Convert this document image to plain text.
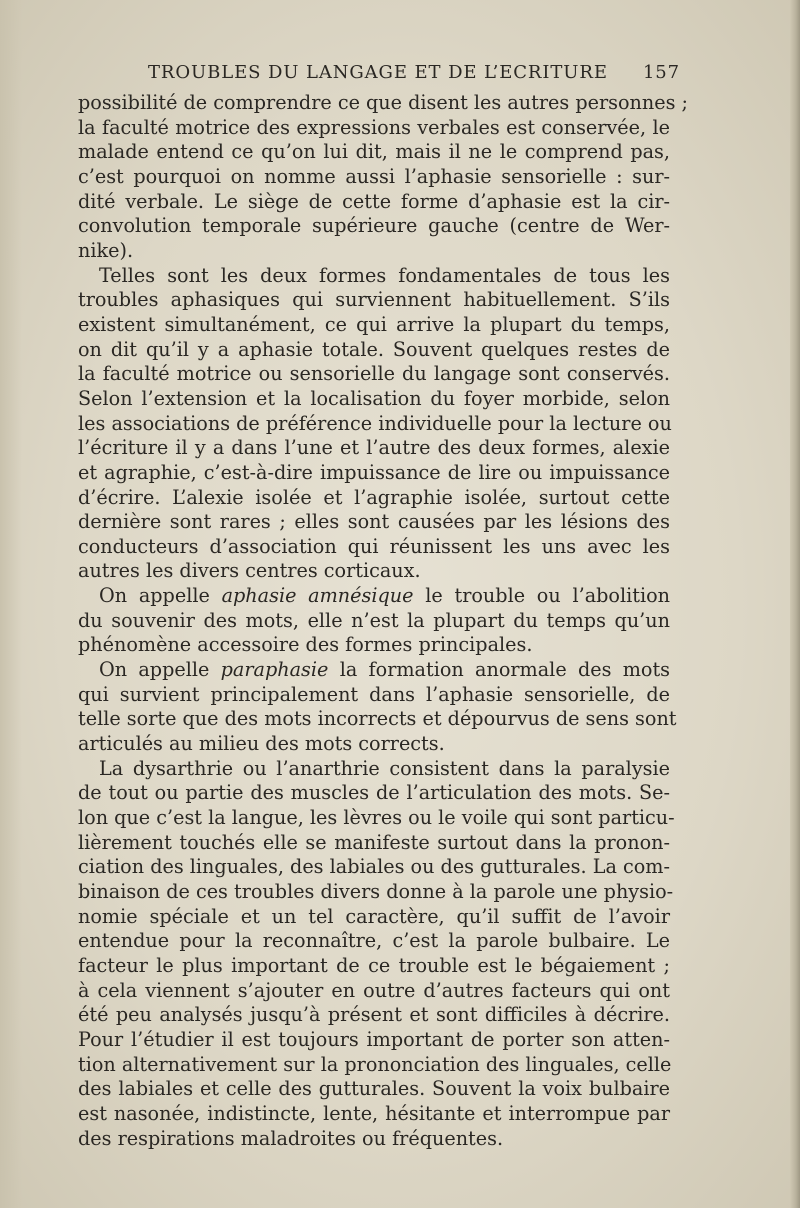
TROUBLES DU LANGAGE ET DE L’ECRITURE 157
possibilité de comprendre ce que disent les autres personnes ;
la faculté motrice des expressions verbales est conservée, le
malade entend ce qu’on lui dit, mais il ne le comprend pas,
c’est pourquoi on nomme aussi l’aphasie sensorielle : sur-
dité verbale. Le siège de cette forme d’aphasie est la cir-
convolution temporale supérieure gauche (centre de Wer-
nike).
Telles sont les deux formes fondamentales de tous les
troubles aphasiques qui surviennent habituellement. S’ils
existent simultanément, ce qui arrive la plupart du temps,
on dit qu’il y a aphasie totale. Souvent quelques restes de
la faculté motrice ou sensorielle du langage sont conservés.
Selon l’extension et la localisation du foyer morbide, selon
les associations de préférence individuelle pour la lecture ou
l’écriture il y a dans l’une et l’autre des deux formes, alexie
et agraphie, c’est-à-dire impuissance de lire ou impuissance
d’écrire. L’alexie isolée et l’agraphie isolée, surtout cette
dernière sont rares ; elles sont causées par les lésions des
conducteurs d’association qui réunissent les uns avec les
autres les divers centres corticaux.
On appelle aphasie amnésique le trouble ou l’abolition
du souvenir des mots, elle n’est la plupart du temps qu’un
phénomène accessoire des formes principales.
On appelle paraphasie la formation anormale des mots
qui survient principalement dans l’aphasie sensorielle, de
telle sorte que des mots incorrects et dépourvus de sens sont
articulés au milieu des mots corrects.
La dysarthrie ou l’anarthrie consistent dans la paralysie
de tout ou partie des muscles de l’articulation des mots. Se-
lon que c’est la langue, les lèvres ou le voile qui sont particu-
lièrement touchés elle se manifeste surtout dans la pronon-
ciation des linguales, des labiales ou des gutturales. La com-
binaison de ces troubles divers donne à la parole une physio-
nomie spéciale et un tel caractère, qu’il suffit de l’avoir
entendue pour la reconnaître, c’est la parole bulbaire. Le
facteur le plus important de ce trouble est le bégaiement ;
à cela viennent s’ajouter en outre d’autres facteurs qui ont
été peu analysés jusqu’à présent et sont difficiles à décrire.
Pour l’étudier il est toujours important de porter son atten-
tion alternativement sur la prononciation des linguales, celle
des labiales et celle des gutturales. Souvent la voix bulbaire
est nasonée, indistincte, lente, hésitante et interrompue par
des respirations maladroites ou fréquentes.
